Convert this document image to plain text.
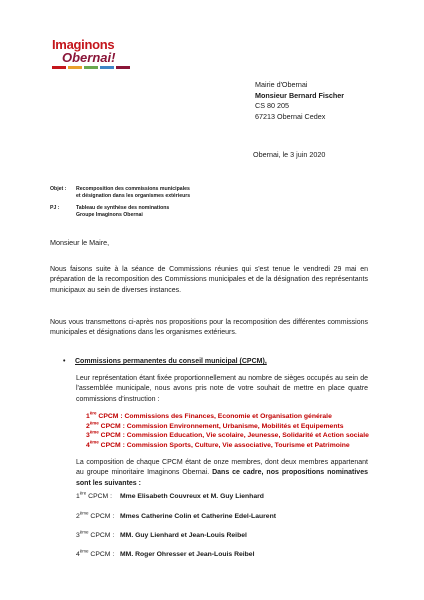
Imaginons
Obernai!
Mairie d'Obernai
Monsieur Bernard Fischer
CS 80 205
67213 Obernai Cedex
Obernai, le 3 juin 2020
Objet : Recomposition des commissions municipales
et désignation dans les organismes extérieurs
PJ :	Tableau de synthèse des nominations
Groupe Imaginons Obernai
Monsieur le Maire,
Nous faisons suite à la séance de Commissions réunies qui s'est tenue le vendredi 29 mai en préparation de la recomposition des Commissions municipales et de la désignation des représentants municipaux au sein de diverses instances.
Nous vous transmettons ci-après nos propositions pour la recomposition des différentes commissions municipales et désignations dans les organismes extérieurs.
• Commissions permanentes du conseil municipal (CPCM),
Leur représentation étant fixée proportionnellement au nombre de sièges occupés au sein de l'assemblée municipale, nous avons pris note de votre souhait de mettre en place quatre commissions d'instruction :
1ère CPCM : Commissions des Finances, Economie et Organisation générale
2ème CPCM : Commission Environnement, Urbanisme, Mobilités et Equipements
3ème CPCM : Commission Education, Vie scolaire, Jeunesse, Solidarité et Action sociale
4ème CPCM : Commission Sports, Culture, Vie associative, Tourisme et Patrimoine
La composition de chaque CPCM étant de onze membres, dont deux membres appartenant au groupe minoritaire Imaginons Obernai. Dans ce cadre, nos propositions nominatives sont les suivantes :
1ère CPCM : Mme Elisabeth Couvreux et M. Guy Lienhard
2ème CPCM : Mmes Catherine Colin et Catherine Edel-Laurent
3ème CPCM : MM. Guy Lienhard et Jean-Louis Reibel
4ème CPCM : MM. Roger Ohresser et Jean-Louis Reibel
